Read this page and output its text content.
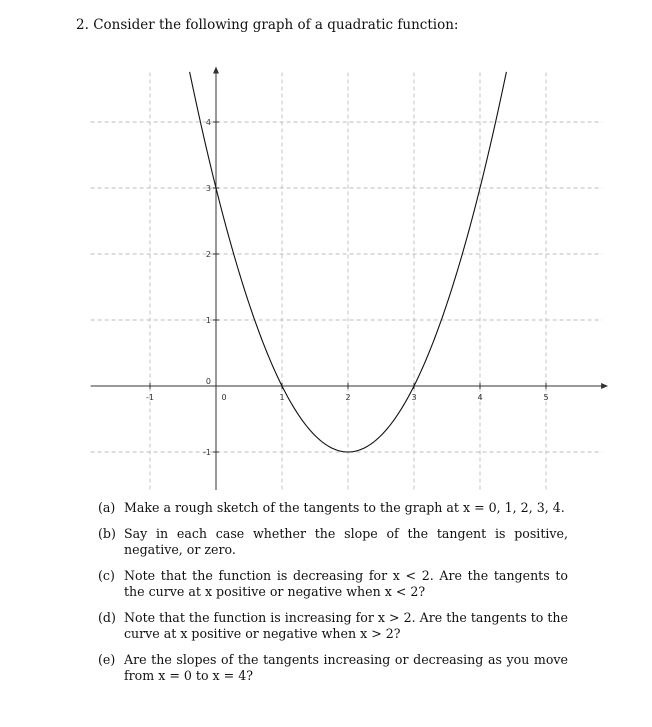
2. Consider the following graph of a quadratic function:

-1	0	1	2	3	4	5
-1
0
1
2
3
4
(a) Make a rough sketch of the tangents to the graph at x = 0, 1, 2, 3, 4.
(b) Say in each case whether the slope of the tangent is positive, negative, or zero.
(c) Note that the function is decreasing for x < 2. Are the tangents to the curve at x positive or negative when x < 2?
(d) Note that the function is increasing for x > 2. Are the tangents to the curve at x positive or negative when x > 2?
(e) Are the slopes of the tangents increasing or decreasing as you move from x = 0 to x = 4?
